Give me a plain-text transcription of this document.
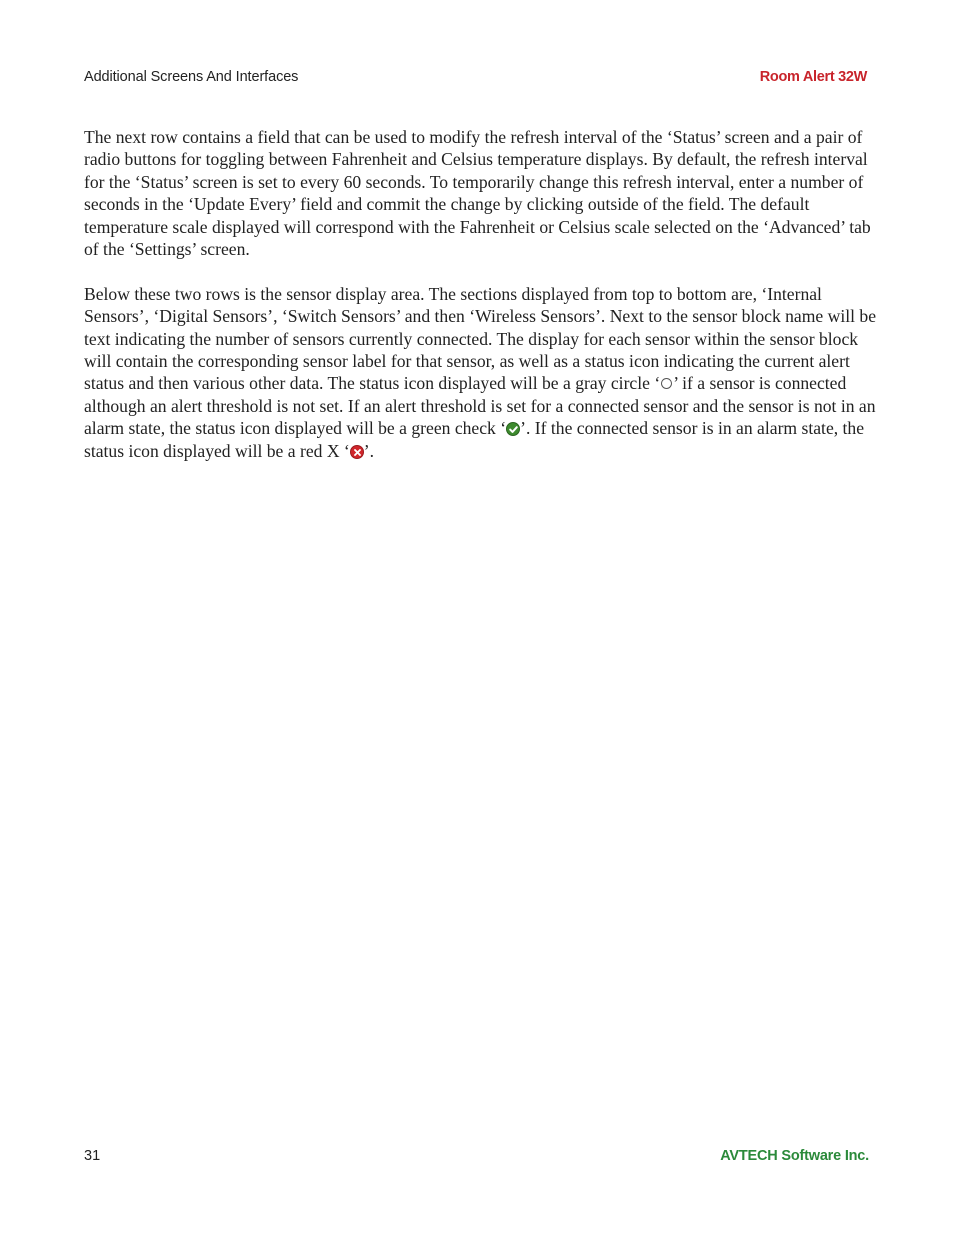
Additional Screens And Interfaces	Room Alert 32W

The next row contains a field that can be used to modify the refresh interval of the ‘Status’ screen and a pair of radio buttons for toggling between Fahrenheit and Celsius temperature displays. By default, the refresh interval for the ‘Status’ screen is set to every 60 seconds. To temporarily change this refresh interval, enter a number of seconds in the ‘Update Every’ field and commit the change by clicking outside of the field. The default temperature scale displayed will correspond with the Fahrenheit or Celsius scale selected on the ‘Advanced’ tab of the ‘Settings’ screen.

Below these two rows is the sensor display area. The sections displayed from top to bottom are, ‘Internal Sensors’, ‘Digital Sensors’, ‘Switch Sensors’ and then ‘Wireless Sensors’. Next to the sensor block name will be text indicating the number of sensors currently connected. The display for each sensor within the sensor block will contain the corresponding sensor label for that sensor, as well as a status icon indicating the current alert status and then various other data. The status icon displayed will be a gray circle ‘ ’ if a sensor is connected although an alert threshold is not set. If an alert threshold is set for a connected sensor and the sensor is not in an alarm state, the status icon displayed will be a green check ‘ ’. If the connected sensor is in an alarm state, the status icon displayed will be a red X ‘ ’.

31	AVTECH Software Inc.
